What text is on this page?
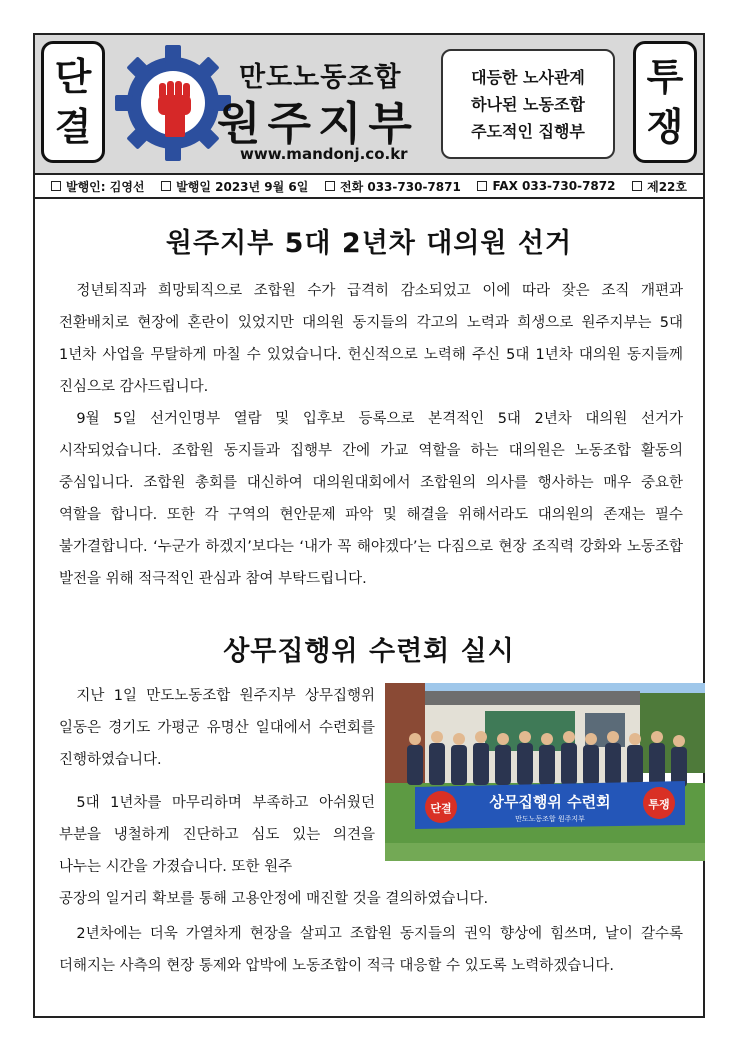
단
결
만도노동조합
원주지부
www.mandonj.co.kr
대등한 노사관계
하나된 노동조합
주도적인 집행부
투
쟁
발행인: 김영선	발행일 2023년 9월 6일	전화 033-730-7871	FAX 033-730-7872	제22호
원주지부 5대 2년차 대의원 선거

정년퇴직과 희망퇴직으로 조합원 수가 급격히 감소되었고 이에 따라 잦은 조직 개편과 전환배치로 현장에 혼란이 있었지만 대의원 동지들의 각고의 노력과 희생으로 원주지부는 5대 1년차 사업을 무탈하게 마칠 수 있었습니다. 헌신적으로 노력해 주신 5대 1년차 대의원 동지들께 진심으로 감사드립니다.

9월 5일 선거인명부 열람 및 입후보 등록으로 본격적인 5대 2년차 대의원 선거가 시작되었습니다. 조합원 동지들과 집행부 간에 가교 역할을 하는 대의원은 노동조합 활동의 중심입니다. 조합원 총회를 대신하여 대의원대회에서 조합원의 의사를 행사하는 매우 중요한 역할을 합니다. 또한 각 구역의 현안문제 파악 및 해결을 위해서라도 대의원의 존재는 필수 불가결합니다. ‘누군가 하겠지’보다는 ‘내가 꼭 해야겠다’는 다짐으로 현장 조직력 강화와 노동조합 발전을 위해 적극적인 관심과 참여 부탁드립니다.

상무집행위 수련회 실시

지난 1일 만도노동조합 원주지부 상무집행위 일동은 경기도 가평군 유명산 일대에서 수련회를 진행하였습니다.

5대 1년차를 마무리하며 부족하고 아쉬웠던 부분을 냉철하게 진단하고 심도 있는 의견을 나누는 시간을 가졌습니다. 또한 원주

공장의 일거리 확보를 통해 고용안정에 매진할 것을 결의하였습니다.

2년차에는 더욱 가열차게 현장을 살피고 조합원 동지들의 권익 향상에 힘쓰며, 날이 갈수록 더해지는 사측의 현장 통제와 압박에 노동조합이 적극 대응할 수 있도록 노력하겠습니다.

단결	투쟁
상무집행위 수련회
만도노동조합 원주지부
